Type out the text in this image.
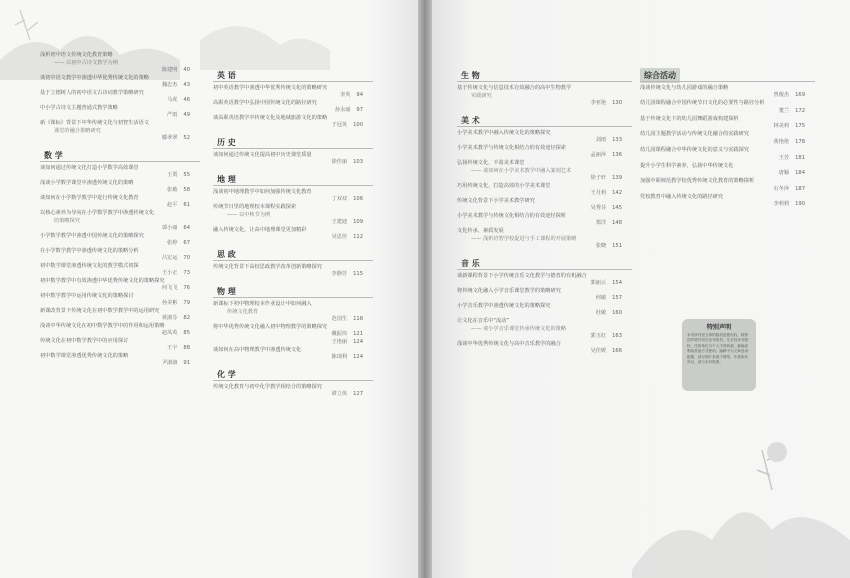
浅析初中语文传统文化教育策略
—— 以初中古诗文教学为例
陈建明 40
谈初中语文教学中渗透中华优秀传统文化的策略
魏忠杰 43
基于立德树人的初中语文古诗词教学策略研究
马虎 46
中小学古诗文主题普通式教学策略
严雨 49
新《课标》背景下中华传统文化与初智生活语文
课堂的融合策略研究
滕翠翠 52
数 学
谈如何通过传统文化打造小学数学高效课堂
王贾 55
浅谈小学数学课堂中渗透传统文化的策略
张敏 58
谈如何在小学数学教学中进行传统文化教育
赵平 61
以核心素养为导向在小学数学教学中渗透传统文化
的策略探究
郭小丽 64
小学数学教学中渗透中国传统文化的策略探究
张婷 67
在小学数学教学中渗透传统文化的策略分析
吕宏运 70
初中数学课堂渗透传统文化的教学模式初探
王小正 73
初中数学教学中有效渗透中华优秀传统文化的策略探究
何飞飞 76
初中数学教学中运用传统文化的策略探讨
孙美彬 79
新课改背景下传统文化在初中数学教学中的运用研究
黄淑芬 82
浅谈中华传统文化在初中数学教学中的作用和运用策略
赵凤英 85
传统文化在初中数学教学中的应用探讨
王宇 88
初中数学课堂渗透优秀传统文化的策略
尹淑淑 91
英 语
初中英语教学中渗透中华优秀传统文化的策略研究
李英 94
高职英语教学中弘扬中国传统文化的路径研究
孙永丽 97
谈高职英语教学中传统文化及地域旅游文化的策略
于冠英 100
历 史
谈如何通过传统文化提高初中历史课堂质量
徐佳丽 103
地 理
浅谈初中地理教学中如何加强传统文化教育
丁双双 106
传统节日里的地理校本课程实践探索
—— 以中秋节为例
王建迪 109
融入传统文化，让高中地理课堂更加精彩
吴思佳 112
思 政
传统文化背景下高校思政教学改革创新策略探究
李静芳 115
物 理
新课标下初中物理校本作业设计中如何融入
传统文化教育
范国生 118
将中华优秀传统文化融入初中物理教学的策略探究
戴振伟 121
王艳丽 124
谈如何在高中物理教学中渗透传统文化
陈现利 124
化 学
传统文化教育与初中化学教学相结合的策略探究
谭立侠 127
生 物
基于传统文化与信息技术有效融合的高中生物教学
实践研究
李亚艳 130
美 术
小学美术教学中融入传统文化的策略探究
刘雨 133
小学美术教学与传统文化相结合的有效途径探索
孟丽萍 136
弘扬传统文化，丰盈美术课堂
—— 谈如何在小学美术教学中融入篆刻艺术
徐子轩 139
巧用传统文化，打造高效的小学美术课堂
王月莉 142
传统文化背景下小学美术教学研究
吴秀芬 145
小学美术教学与传统文化相结合的有效途径探析
郑洋 148
文化传承，素质发展
—— 浅析培智学校促进与手工课程的开展策略
张晓 151
音 乐
谈新课程背景下小学传统音乐文化教学与德育的有机融合
郭丽云 154
将传统文化融入小学音乐课堂教学的策略研究
何敏 157
小学音乐教学中渗透传统文化的策略探究
杜敏 160
让文化在音乐中“流动”
—— 谈小学音乐课堂传承传统文化的策略
郭玉红 163
浅谈中华优秀传统文化与高中音乐教学的融合
吴佳媛 166
综合活动
浅谈传统文化与幼儿园游戏的融合策略
曾俊杰 169
幼儿园课程融合中国传统节日文化的必要性与路径分析
董兰 172
基于传统文化下的幼儿园舞蹈游戏构建探析
林美莉 175
幼儿园主题教学活动与传统文化融合的实践研究
黄艳艳 178
幼儿园课程融合中华传统文化的意义与实践探究
王芳 181
提升小学生科学素养，弘扬中华传统文化
唐颖 184
加强中职师范教学校优秀传统文化教育的策略探析
石冬萍 187
党校教育中融入传统文化的路径研究
李莉莉 190
特别声明
本刊所刊登文章的版权及使用权，除特别声明外均归本刊所有，凡未经本刊授权，任何单位与个人不得转载、摘编或利用其他方式使用。编辑中为文章选用配图，部分图片来源于网络，作者如有异议，请与本刊联系。
